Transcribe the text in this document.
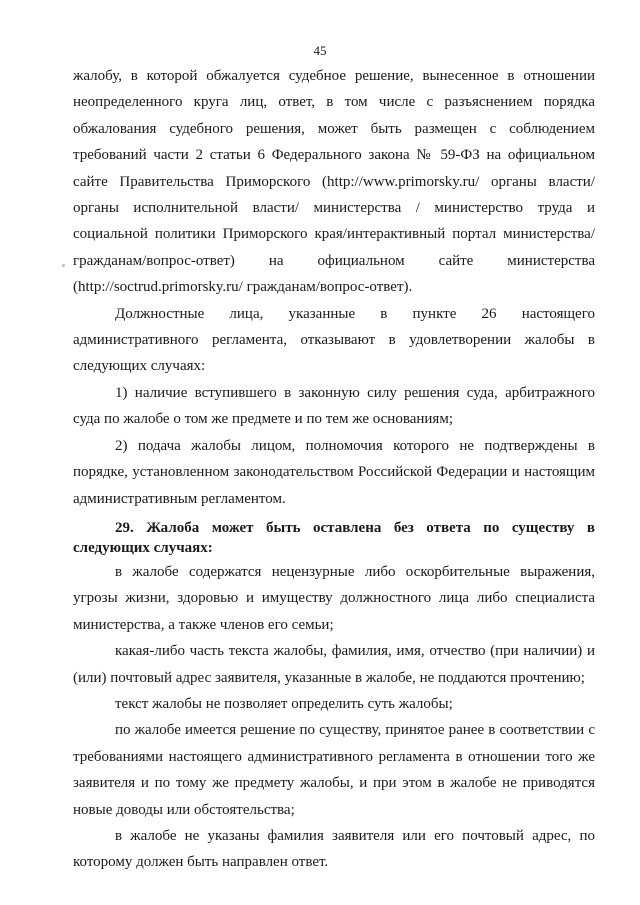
45

жалобу, в которой обжалуется судебное решение, вынесенное в отношении неопределенного круга лиц, ответ, в том числе с разъяснением порядка обжалования судебного решения, может быть размещен с соблюдением требований части 2 статьи 6 Федерального закона № 59-ФЗ на официальном сайте Правительства Приморского (http://www.primorsky.ru/ органы власти/органы исполнительной власти/ министерства / министерство труда и социальной политики Приморского края/интерактивный портал министерства/гражданам/вопрос-ответ) на официальном сайте министерства (http://soctrud.primorsky.ru/ гражданам/вопрос-ответ).

Должностные лица, указанные в пункте 26 настоящего административного регламента, отказывают в удовлетворении жалобы в следующих случаях:

1) наличие вступившего в законную силу решения суда, арбитражного суда по жалобе о том же предмете и по тем же основаниям;

2) подача жалобы лицом, полномочия которого не подтверждены в порядке, установленном законодательством Российской Федерации и настоящим административным регламентом.

29. Жалоба может быть оставлена без ответа по существу в следующих случаях:

в жалобе содержатся нецензурные либо оскорбительные выражения, угрозы жизни, здоровью и имуществу должностного лица либо специалиста министерства, а также членов его семьи;

какая-либо часть текста жалобы, фамилия, имя, отчество (при наличии) и (или) почтовый адрес заявителя, указанные в жалобе, не поддаются прочтению;

текст жалобы не позволяет определить суть жалобы;

по жалобе имеется решение по существу, принятое ранее в соответствии с требованиями настоящего административного регламента в отношении того же заявителя и по тому же предмету жалобы, и при этом в жалобе не приводятся новые доводы или обстоятельства;

в жалобе не указаны фамилия заявителя или его почтовый адрес, по которому должен быть направлен ответ.
